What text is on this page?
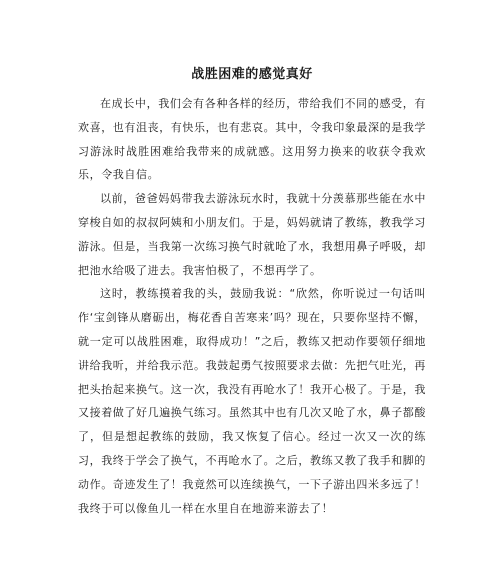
战胜困难的感觉真好

在成长中，我们会有各种各样的经历，带给我们不同的感受，有欢喜，也有沮丧，有快乐，也有悲哀。其中，令我印象最深的是我学习游泳时战胜困难给我带来的成就感。这用努力换来的收获令我欢乐，令我自信。

以前，爸爸妈妈带我去游泳玩水时，我就十分羡慕那些能在水中穿梭自如的叔叔阿姨和小朋友们。于是，妈妈就请了教练，教我学习游泳。但是，当我第一次练习换气时就呛了水，我想用鼻子呼吸，却把池水给吸了进去。我害怕极了，不想再学了。

这时，教练摸着我的头，鼓励我说：“欣然，你听说过一句话叫作‘宝剑锋从磨砺出，梅花香自苦寒来’吗？现在，只要你坚持不懈，就一定可以战胜困难，取得成功！”之后，教练又把动作要领仔细地讲给我听，并给我示范。我鼓起勇气按照要求去做：先把气吐光，再把头抬起来换气。这一次，我没有再呛水了！我开心极了。于是，我又接着做了好几遍换气练习。虽然其中也有几次又呛了水，鼻子都酸了，但是想起教练的鼓励，我又恢复了信心。经过一次又一次的练习，我终于学会了换气，不再呛水了。之后，教练又教了我手和脚的动作。奇迹发生了！我竟然可以连续换气，一下子游出四米多远了！我终于可以像鱼儿一样在水里自在地游来游去了！
